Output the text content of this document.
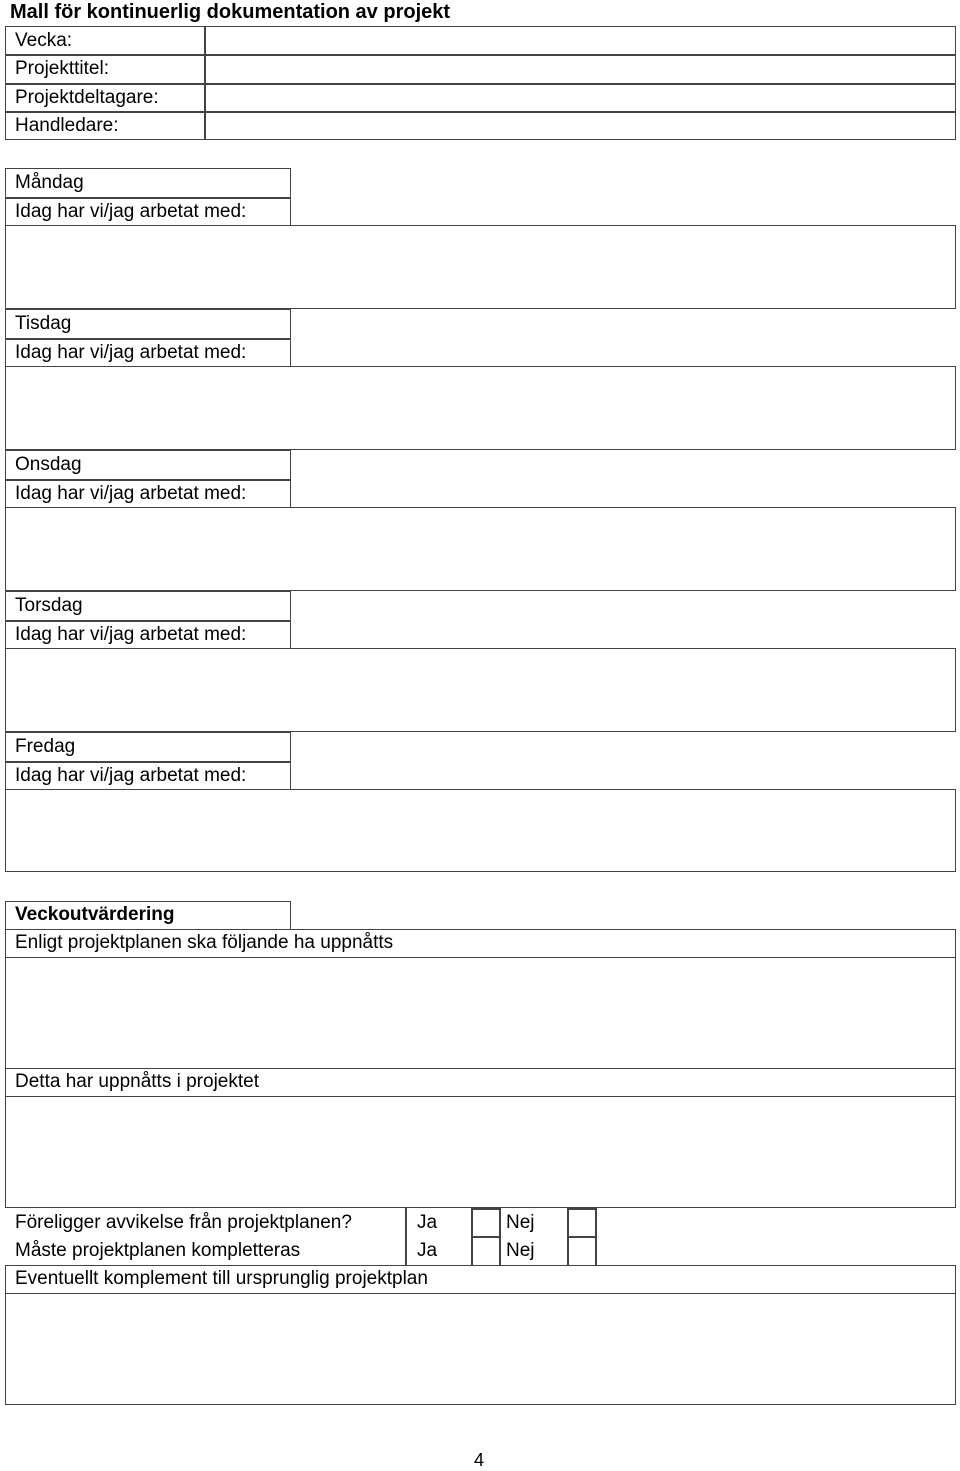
Mall för kontinuerlig dokumentation av projekt
Vecka:
Projekttitel:
Projektdeltagare:
Handledare:
Måndag
Idag har vi/jag arbetat med:
Tisdag
Idag har vi/jag arbetat med:
Onsdag
Idag har vi/jag arbetat med:
Torsdag
Idag har vi/jag arbetat med:
Fredag
Idag har vi/jag arbetat med:
Veckoutvärdering
Enligt projektplanen ska följande ha uppnåtts
Detta har uppnåtts i projektet
Föreligger avvikelse från projektplanen?	Ja	Nej
Måste projektplanen kompletteras	Ja	Nej
Eventuellt komplement till ursprunglig projektplan
4
